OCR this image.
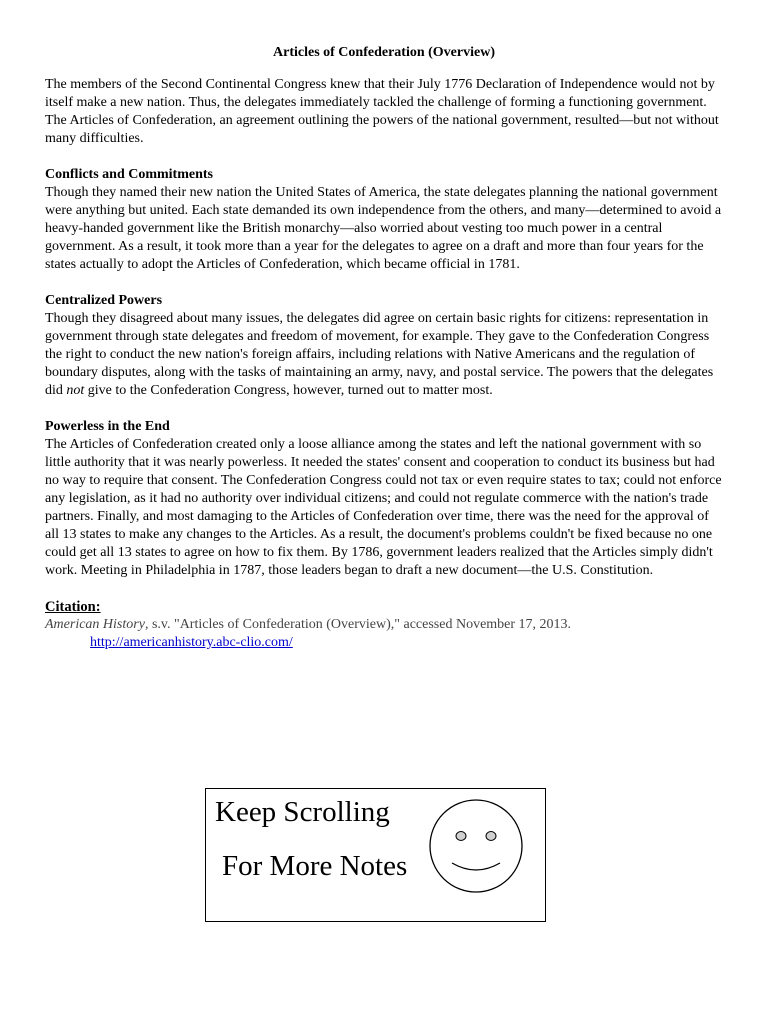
Articles of Confederation (Overview)

The members of the Second Continental Congress knew that their July 1776 Declaration of Independence would not by itself make a new nation. Thus, the delegates immediately tackled the challenge of forming a functioning government. The Articles of Confederation, an agreement outlining the powers of the national government, resulted—but not without many difficulties.

Conflicts and Commitments

Though they named their new nation the United States of America, the state delegates planning the national government were anything but united. Each state demanded its own independence from the others, and many—determined to avoid a heavy-handed government like the British monarchy—also worried about vesting too much power in a central government. As a result, it took more than a year for the delegates to agree on a draft and more than four years for the states actually to adopt the Articles of Confederation, which became official in 1781.

Centralized Powers

Though they disagreed about many issues, the delegates did agree on certain basic rights for citizens: representation in government through state delegates and freedom of movement, for example. They gave to the Confederation Congress the right to conduct the new nation's foreign affairs, including relations with Native Americans and the regulation of boundary disputes, along with the tasks of maintaining an army, navy, and postal service. The powers that the delegates did not give to the Confederation Congress, however, turned out to matter most.

Powerless in the End

The Articles of Confederation created only a loose alliance among the states and left the national government with so little authority that it was nearly powerless. It needed the states' consent and cooperation to conduct its business but had no way to require that consent. The Confederation Congress could not tax or even require states to tax; could not enforce any legislation, as it had no authority over individual citizens; and could not regulate commerce with the nation's trade partners. Finally, and most damaging to the Articles of Confederation over time, there was the need for the approval of all 13 states to make any changes to the Articles. As a result, the document's problems couldn't be fixed because no one could get all 13 states to agree on how to fix them. By 1786, government leaders realized that the Articles simply didn't work. Meeting in Philadelphia in 1787, those leaders began to draft a new document—the U.S. Constitution.

Citation:

American History, s.v. "Articles of Confederation (Overview)," accessed November 17, 2013.

http://americanhistory.abc-clio.com/
Keep Scrolling
For More Notes
